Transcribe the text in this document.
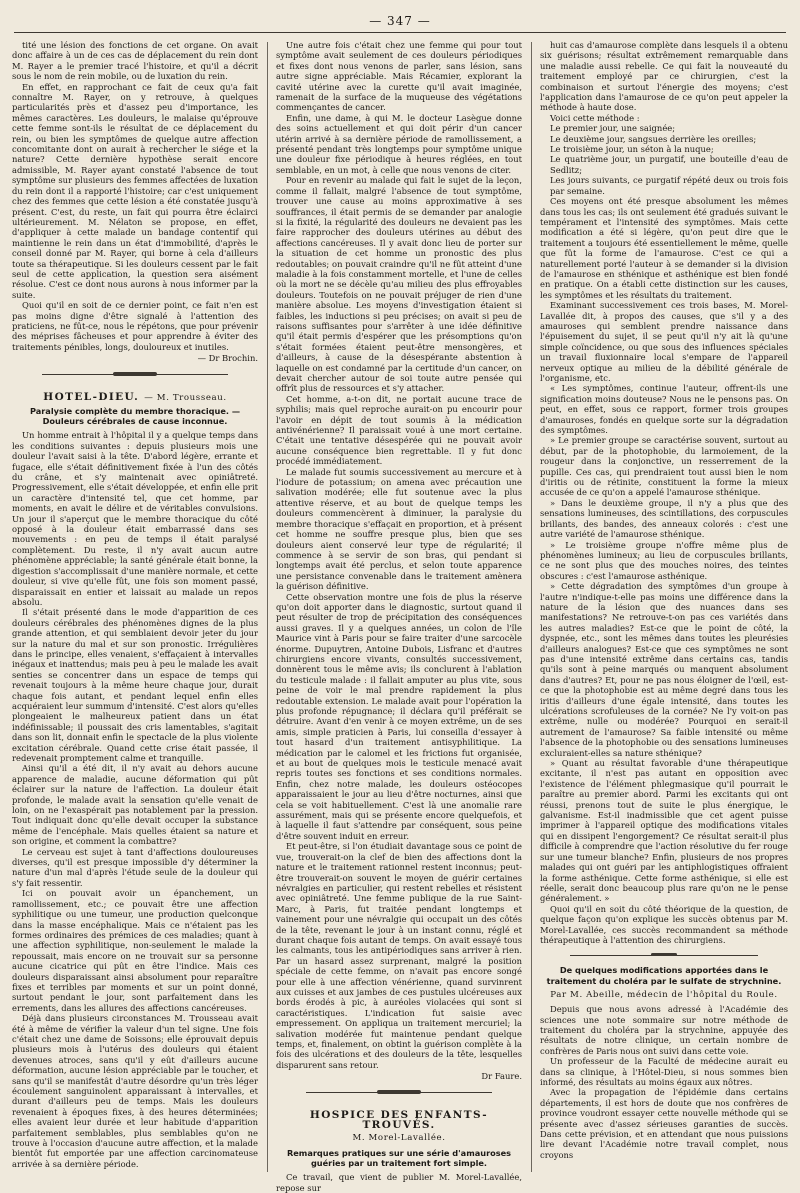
— 347 —

tité une lésion des fonctions de cet organe. On avait donc affaire à un de ces cas de déplacement du rein dont M. Rayer a le premier tracé l'histoire, et qu'il a décrit sous le nom de rein mobile, ou de luxation du rein.

En effet, en rapprochant ce fait de ceux qu'a fait connaître M. Rayer, on y retrouve, à quelques particularités près et d'assez peu d'importance, les mêmes caractères. Les douleurs, le malaise qu'éprouve cette femme sont-ils le résultat de ce déplacement du rein, ou bien les symptômes de quelque autre affection concomitante dont on aurait à rechercher le siége et la nature? Cette dernière hypothèse serait encore admissible, M. Rayer ayant constaté l'absence de tout symptôme sur plusieurs des femmes affectées de luxation du rein dont il a rapporté l'histoire; car c'est uniquement chez des femmes que cette lésion a été constatée jusqu'à présent. C'est, du reste, un fait qui pourra être éclairci ultérieurement. M. Nélaton se propose, en effet, d'appliquer à cette malade un bandage contentif qui maintienne le rein dans un état d'immobilité, d'après le conseil donné par M. Rayer, qui borne à cela d'ailleurs toute sa thérapeutique. Si les douleurs cessent par le fait seul de cette application, la question sera aisément résolue. C'est ce dont nous aurons à nous informer par la suite.

Quoi qu'il en soit de ce dernier point, ce fait n'en est pas moins digne d'être signalé à l'attention des praticiens, ne fût-ce, nous le répétons, que pour prévenir des méprises fâcheuses et pour apprendre à éviter des traitements pénibles, longs, douloureux et inutiles.

— Dr Brochin.
HOTEL-DIEU. — M. Trousseau.
Paralysie complète du membre thoracique. — Douleurs cérébrales de cause inconnue.

Un homme entrait à l'hôpital il y a quelque temps dans les conditions suivantes : depuis plusieurs mois une douleur l'avait saisi à la tête. D'abord légère, errante et fugace, elle s'était définitivement fixée à l'un des côtés du crâne, et s'y maintenait avec opiniâtreté. Progressivement, elle s'était développée, et enfin elle prit un caractère d'intensité tel, que cet homme, par moments, en avait le délire et de véritables convulsions. Un jour il s'aperçut que le membre thoracique du côté opposé à la douleur était embarrassé dans ses mouvements : en peu de temps il était paralysé complètement. Du reste, il n'y avait aucun autre phénomène appréciable; la santé générale était bonne, la digestion s'accomplissait d'une manière normale, et cette douleur, si vive qu'elle fût, une fois son moment passé, disparaissait en entier et laissait au malade un repos absolu.

Il s'était présenté dans le mode d'apparition de ces douleurs cérébrales des phénomènes dignes de la plus grande attention, et qui semblaient devoir jeter du jour sur la nature du mal et sur son pronostic. Irrégulières dans le principe, elles venaient, s'effaçaient à intervalles inégaux et inattendus; mais peu à peu le malade les avait senties se concentrer dans un espace de temps qui revenait toujours à la même heure chaque jour, durait chaque fois autant, et pendant lequel enfin elles acquéraient leur summum d'intensité. C'est alors qu'elles plongeaient le malheureux patient dans un état indéfinissable; il poussait des cris lamentables, s'agitait dans son lit, donnait enfin le spectacle de la plus violente excitation cérébrale. Quand cette crise était passée, il redevenait promptement calme et tranquille.

Ainsi qu'il a été dit, il n'y avait au dehors aucune apparence de maladie, aucune déformation qui pût éclairer sur la nature de l'affection. La douleur était profonde, le malade avait la sensation qu'elle venait de loin, on ne l'exaspérait pas notablement par la pression. Tout indiquait donc qu'elle devait occuper la substance même de l'encéphale. Mais quelles étaient sa nature et son origine, et comment la combattre?

Le cerveau est sujet à tant d'affections douloureuses diverses, qu'il est presque impossible d'y déterminer la nature d'un mal d'après l'étude seule de la douleur qui s'y fait ressentir.

Ici on pouvait avoir un épanchement, un ramollissement, etc.; ce pouvait être une affection syphilitique ou une tumeur, une production quelconque dans la masse encéphalique. Mais ce n'étaient pas les formes ordinaires des prémices de ces maladies; quant à une affection syphilitique, non-seulement le malade la repoussait, mais encore on ne trouvait sur sa personne aucune cicatrice qui pût en être l'indice. Mais ces douleurs disparaissant ainsi absolument pour reparaître fixes et terribles par moments et sur un point donné, surtout pendant le jour, sont parfaitement dans les errements, dans les allures des affections cancéreuses.

Déjà dans plusieurs circonstances M. Trousseau avait été à même de vérifier la valeur d'un tel signe. Une fois c'était chez une dame de Soissons; elle éprouvait depuis plusieurs mois à l'utérus des douleurs qui étaient devenues atroces, sans qu'il y eût d'ailleurs aucune déformation, aucune lésion appréciable par le toucher, et sans qu'il se manifestât d'autre désordre qu'un très léger écoulement sanguinolent apparaissant à intervalles, et durant d'ailleurs peu de temps. Mais les douleurs revenaient à époques fixes, à des heures déterminées; elles avaient leur durée et leur habitude d'apparition parfaitement semblables, plus semblables qu'on ne trouve à l'occasion d'aucune autre affection, et la malade bientôt fut emportée par une affection carcinomateuse arrivée à sa dernière période.

Une autre fois c'était chez une femme qui pour tout symptôme avait seulement de ces douleurs périodiques et fixes dont nous venons de parler, sans lésion, sans autre signe appréciable. Mais Récamier, explorant la cavité utérine avec la curette qu'il avait imaginée, ramenait de la surface de la muqueuse des végétations commençantes de cancer.

Enfin, une dame, à qui M. le docteur Lasègue donne des soins actuellement et qui doit périr d'un cancer utérin arrivé à sa dernière période de ramollissement, a présenté pendant très longtemps pour symptôme unique une douleur fixe périodique à heures réglées, en tout semblable, en un mot, à celle que nous venons de citer.

Pour en revenir au malade qui fait le sujet de la leçon, comme il fallait, malgré l'absence de tout symptôme, trouver une cause au moins approximative à ses souffrances, il était permis de se demander par analogie si la fixité, la régularité des douleurs ne devaient pas les faire rapprocher des douleurs utérines au début des affections cancéreuses. Il y avait donc lieu de porter sur la situation de cet homme un pronostic des plus redoutables; on pouvait craindre qu'il ne fût atteint d'une maladie à la fois constamment mortelle, et l'une de celles où la mort ne se décèle qu'au milieu des plus effroyables douleurs. Toutefois on ne pouvait préjuger de rien d'une manière absolue. Les moyens d'investigation étaient si faibles, les inductions si peu précises; on avait si peu de raisons suffisantes pour s'arrêter à une idée définitive qu'il était permis d'espérer que les présomptions qu'on s'était formées étaient peut-être mensongères, et d'ailleurs, à cause de la désespérante abstention à laquelle on est condamné par la certitude d'un cancer, on devait chercher autour de soi toute autre pensée qui offrît plus de ressources et s'y attacher.

Cet homme, a-t-on dit, ne portait aucune trace de syphilis; mais quel reproche aurait-on pu encourir pour l'avoir en dépit de tout soumis à la médication antivénérienne? Il paraissait voué à une mort certaine. C'était une tentative désespérée qui ne pouvait avoir aucune conséquence bien regrettable. Il y fut donc procédé immédiatement.

Le malade fut soumis successivement au mercure et à l'iodure de potassium; on amena avec précaution une salivation modérée; elle fut soutenue avec la plus attentive réserve, et au bout de quelque temps les douleurs commencèrent à diminuer, la paralysie du membre thoracique s'effaçait en proportion, et à présent cet homme ne souffre presque plus, bien que ses douleurs aient conservé leur type de régularité; il commence à se servir de son bras, qui pendant si longtemps avait été perclus, et selon toute apparence une persistance convenable dans le traitement amènera la guérison définitive.

Cette observation montre une fois de plus la réserve qu'on doit apporter dans le diagnostic, surtout quand il peut résulter de trop de précipitation des conséquences aussi graves. Il y a quelques années, un colon de l'île Maurice vint à Paris pour se faire traiter d'une sarcocèle énorme. Dupuytren, Antoine Dubois, Lisfranc et d'autres chirurgiens encore vivants, consultés successivement, donnèrent tous le même avis; ils conclurent à l'ablation du testicule malade : il fallait amputer au plus vite, sous peine de voir le mal prendre rapidement la plus redoutable extension. Le malade avait pour l'opération la plus profonde répugnance; il déclara qu'il préférait se détruire. Avant d'en venir à ce moyen extrême, un de ses amis, simple praticien à Paris, lui conseilla d'essayer à tout hasard d'un traitement antisyphilitique. La médication par le calomel et les frictions fut organisée, et au bout de quelques mois le testicule menacé avait repris toutes ses fonctions et ses conditions normales. Enfin, chez notre malade, les douleurs ostéocopes apparaissaient le jour au lieu d'être nocturnes, ainsi que cela se voit habituellement. C'est là une anomalie rare assurément, mais qui se présente encore quelquefois, et à laquelle il faut s'attendre par conséquent, sous peine d'être souvent induit en erreur.

Et peut-être, si l'on étudiait davantage sous ce point de vue, trouverait-on la clef de bien des affections dont la nature et le traitement rationnel restent inconnus; peut-être trouverait-on souvent le moyen de guérir certaines névralgies en particulier, qui restent rebelles et résistent avec opiniâtreté. Une femme publique de la rue Saint-Marc, à Paris, fut traitée pendant longtemps et vainement pour une névralgie qui occupait un des côtés de la tête, revenant le jour à un instant connu, réglé et durant chaque fois autant de temps. On avait essayé tous les calmants, tous les antipériodiques sans arriver à rien. Par un hasard assez surprenant, malgré la position spéciale de cette femme, on n'avait pas encore songé pour elle à une affection vénérienne, quand survinrent aux cuisses et aux jambes de ces pustules ulcéreuses aux bords érodés à pic, à auréoles violacées qui sont si caractéristiques. L'indication fut saisie avec empressement. On appliqua un traitement mercuriel; la salivation modérée fut maintenue pendant quelque temps, et, finalement, on obtint la guérison complète à la fois des ulcérations et des douleurs de la tête, lesquelles disparurent sans retour.

Dr Faure.
HOSPICE DES ENFANTS-TROUVÉS.
M. Morel-Lavallée.
Remarques pratiques sur une série d'amauroses guéries par un traitement fort simple.

Ce travail, que vient de publier M. Morel-Lavallée, repose sur

huit cas d'amaurose complète dans lesquels il a obtenu six guérisons; résultat extrêmement remarquable dans une maladie aussi rebelle. Ce qui fait la nouveauté du traitement employé par ce chirurgien, c'est la combinaison et surtout l'énergie des moyens; c'est l'application dans l'amaurose de ce qu'on peut appeler la méthode à haute dose.

Voici cette méthode :

Le premier jour, une saignée;

Le deuxième jour, sangsues derrière les oreilles;

Le troisième jour, un séton à la nuque;

Le quatrième jour, un purgatif, une bouteille d'eau de Sedlitz;

Les jours suivants, ce purgatif répété deux ou trois fois par semaine.

Ces moyens ont été presque absolument les mêmes dans tous les cas; ils ont seulement été gradués suivant le tempérament et l'intensité des symptômes. Mais cette modification a été si légère, qu'on peut dire que le traitement a toujours été essentiellement le même, quelle que fût la forme de l'amaurose. C'est ce qui a naturellement porté l'auteur à se demander si la division de l'amaurose en sthénique et asthénique est bien fondé en pratique. On a établi cette distinction sur les causes, les symptômes et les résultats du traitement.

Examinant successivement ces trois bases, M. Morel-Lavallée dit, à propos des causes, que s'il y a des amauroses qui semblent prendre naissance dans l'épuisement du sujet, il se peut qu'il n'y ait là qu'une simple coïncidence, ou que sous des influences spéciales un travail fluxionnaire local s'empare de l'appareil nerveux optique au milieu de la débilité générale de l'organisme, etc.

« Les symptômes, continue l'auteur, offrent-ils une signification moins douteuse? Nous ne le pensons pas. On peut, en effet, sous ce rapport, former trois groupes d'amauroses, fondés en quelque sorte sur la dégradation des symptômes.

» Le premier groupe se caractérise souvent, surtout au début, par de la photophobie, du larmoiement, de la rougeur dans la conjonctive, un resserrement de la pupille. Ces cas, qui prendraient tout aussi bien le nom d'iritis ou de rétinite, constituent la forme la mieux accusée de ce qu'on a appelé l'amaurose sthénique.

» Dans le deuxième groupe, il n'y a plus que des sensations lumineuses, des scintillations, des corpuscules brillants, des bandes, des anneaux colorés : c'est une autre variété de l'amaurose sthénique.

» Le troisième groupe n'offre même plus de phénomènes lumineux; au lieu de corpuscules brillants, ce ne sont plus que des mouches noires, des teintes obscures : c'est l'amaurose asthénique.

» Cette dégradation des symptômes d'un groupe à l'autre n'indique-t-elle pas moins une différence dans la nature de la lésion que des nuances dans ses manifestations? Ne retrouve-t-on pas ces variétés dans les autres maladies? Est-ce que le point de côté, la dyspnée, etc., sont les mêmes dans toutes les pleurésies d'ailleurs analogues? Est-ce que ces symptômes ne sont pas d'une intensité extrême dans certains cas, tandis qu'ils sont à peine marqués ou manquent absolument dans d'autres? Et, pour ne pas nous éloigner de l'œil, est-ce que la photophobie est au même degré dans tous les iritis d'ailleurs d'une égale intensité, dans toutes les ulcérations scrofuleuses de la cornée? Ne l'y voit-on pas extrême, nulle ou modérée? Pourquoi en serait-il autrement de l'amaurose? Sa faible intensité ou même l'absence de la photophobie ou des sensations lumineuses excluraient-elles sa nature sthénique?

» Quant au résultat favorable d'une thérapeutique excitante, il n'est pas autant en opposition avec l'existence de l'élément phlegmasique qu'il pourrait le paraître au premier abord. Parmi les excitants qui ont réussi, prenons tout de suite le plus énergique, le galvanisme. Est-il inadmissible que cet agent puisse imprimer à l'appareil optique des modifications vitales qui en dissipent l'engorgement? Ce résultat serait-il plus difficile à comprendre que l'action résolutive du fer rouge sur une tumeur blanche? Enfin, plusieurs de nos propres malades qui ont guéri par les antiphlogistiques offraient la forme asthénique. Cette forme asthénique, si elle est réelle, serait donc beaucoup plus rare qu'on ne le pense généralement. »

Quoi qu'il en soit du côté théorique de la question, de quelque façon qu'on explique les succès obtenus par M. Morel-Lavallée, ces succès recommandent sa méthode thérapeutique à l'attention des chirurgiens.

De quelques modifications apportées dans le traitement du choléra par le sulfate de strychnine.
Par M. Abeille, médecin de l'hôpital du Roule.

Depuis que nous avons adressé à l'Académie des sciences une note sommaire sur notre méthode de traitement du choléra par la strychnine, appuyée des résultats de notre clinique, un certain nombre de confrères de Paris nous ont suivi dans cette voie.

Un professeur de la Faculté de médecine aurait eu dans sa clinique, à l'Hôtel-Dieu, si nous sommes bien informé, des résultats au moins égaux aux nôtres.

Avec la propagation de l'épidémie dans certains départements, il est hors de doute que nos confrères de province voudront essayer cette nouvelle méthode qui se présente avec d'assez sérieuses garanties de succès. Dans cette prévision, et en attendant que nous puissions lire devant l'Académie notre travail complet, nous croyons
